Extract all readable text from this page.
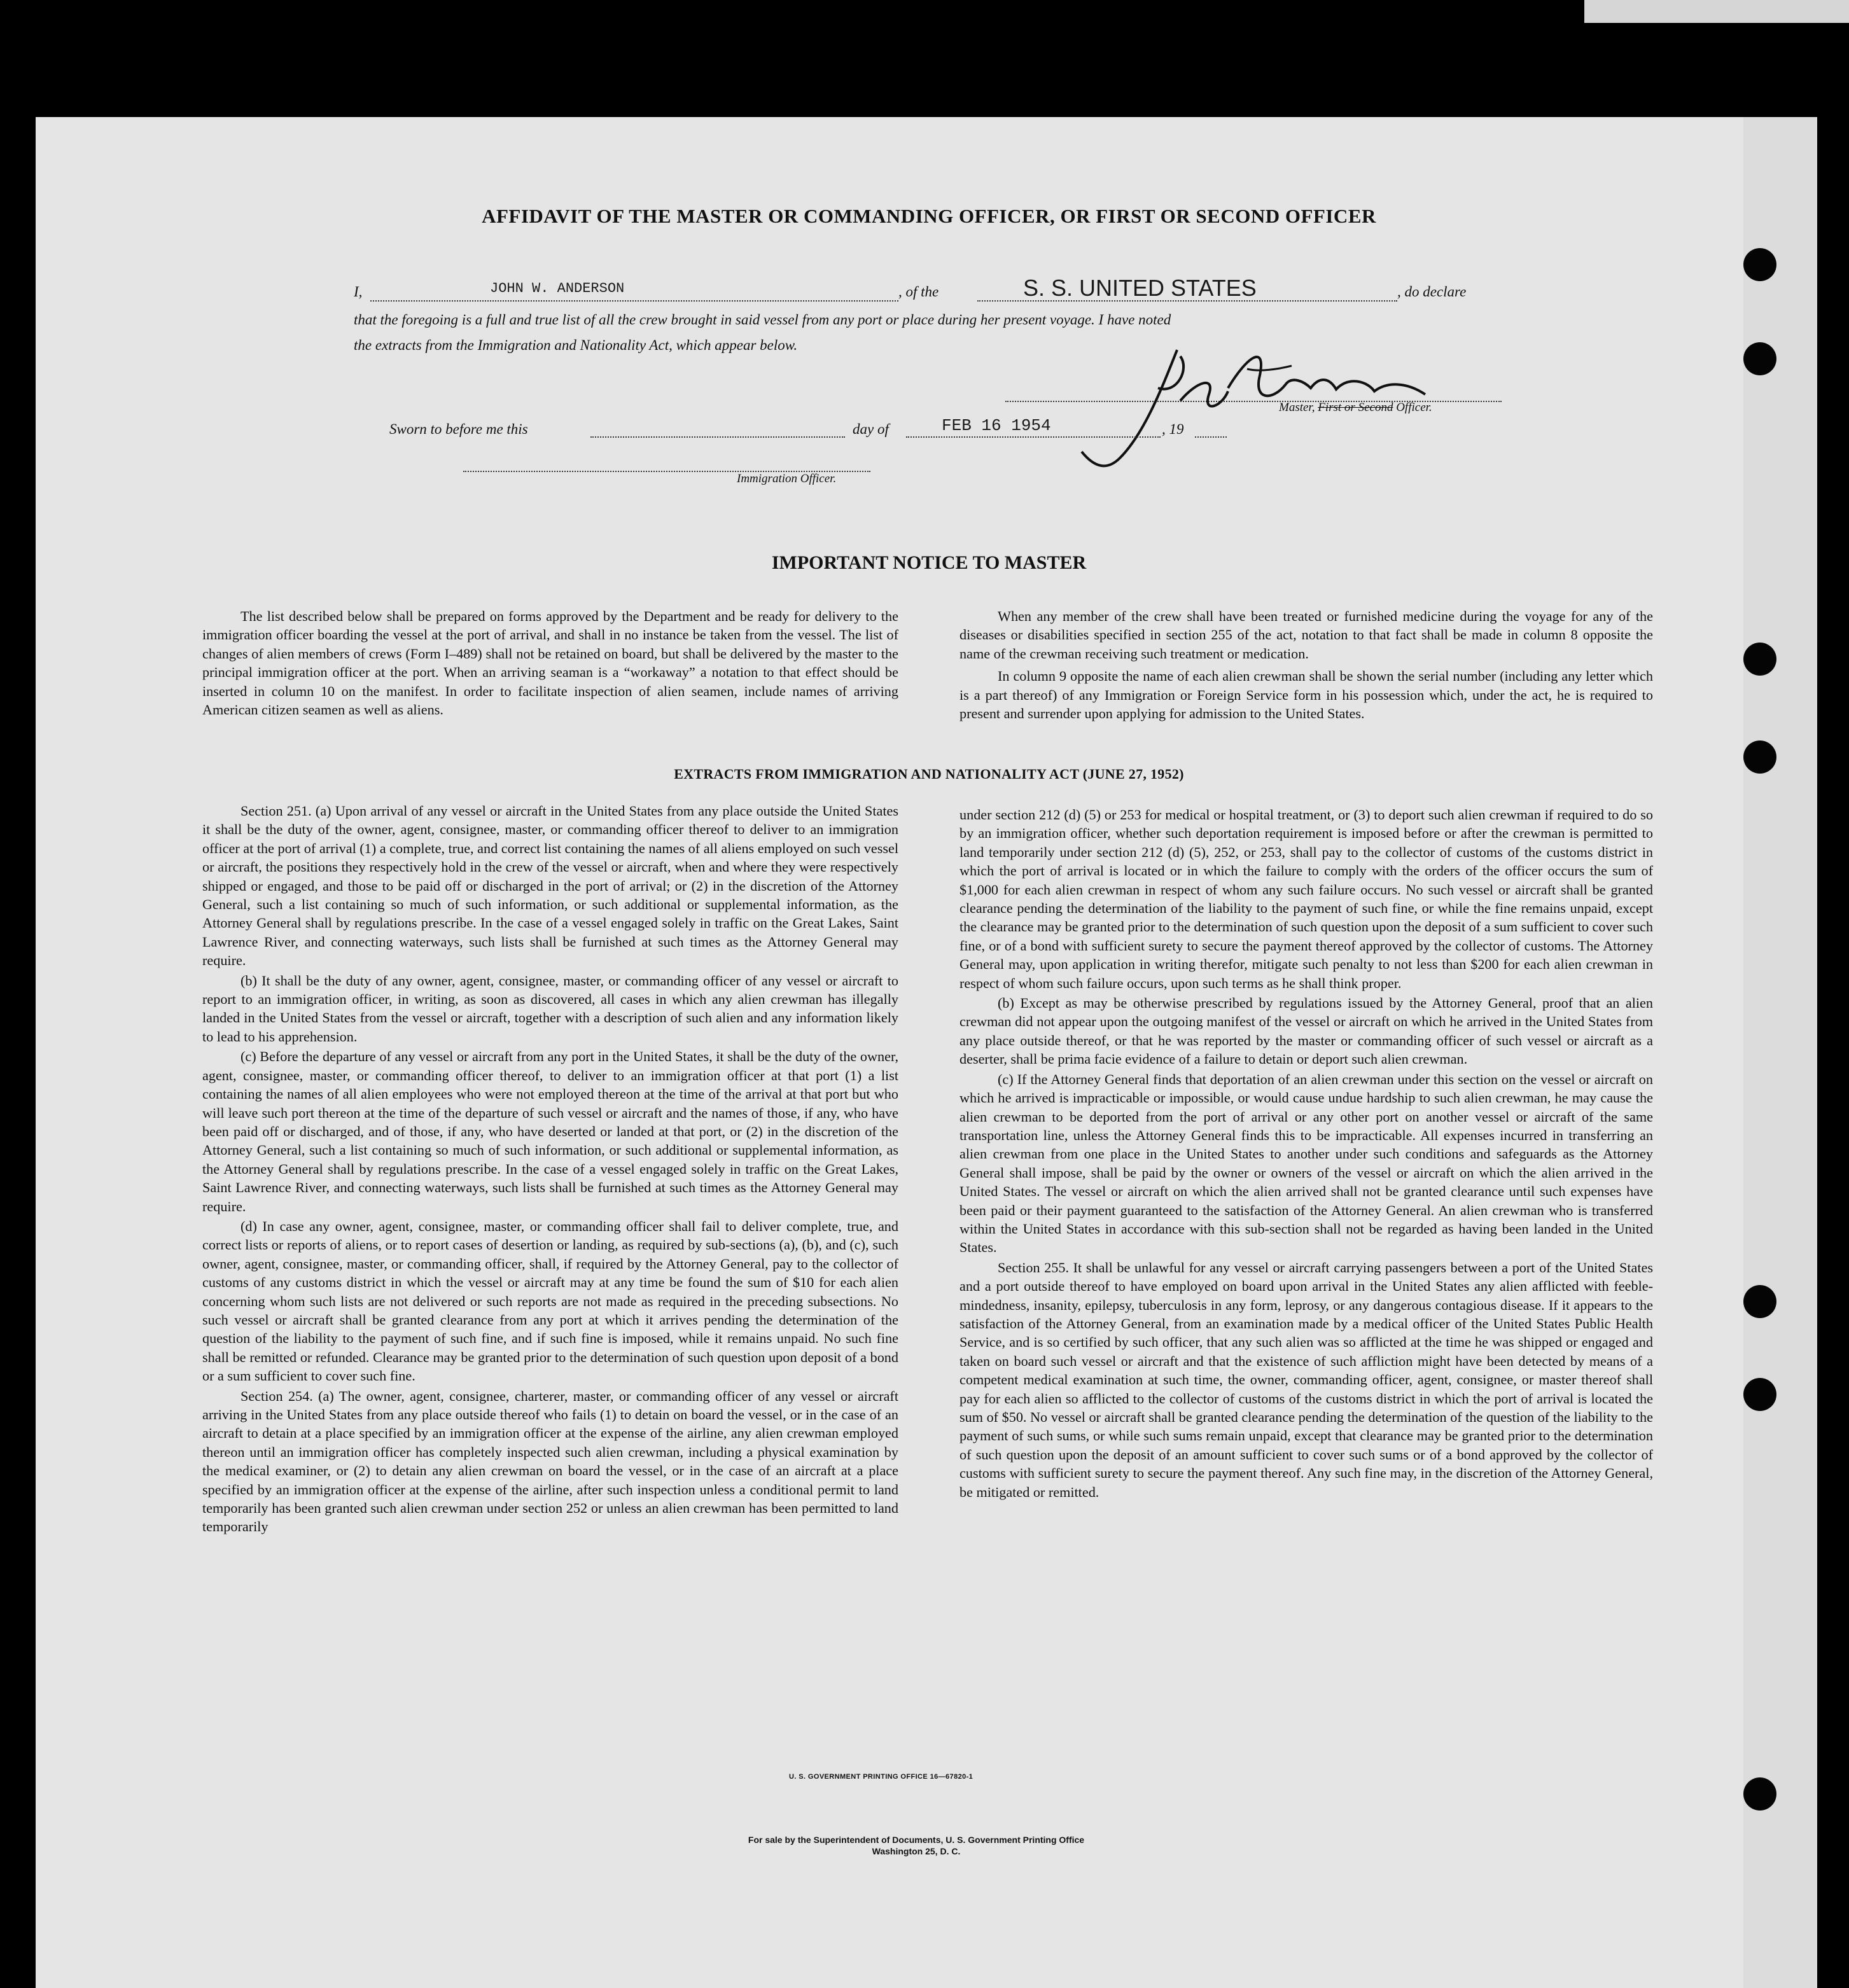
AFFIDAVIT OF THE MASTER OR COMMANDING OFFICER, OR FIRST OR SECOND OFFICER
I,	JOHN W. ANDERSON	, of the	S. S. UNITED STATES	, do declare
that the foregoing is a full and true list of all the crew brought in said vessel from any port or place during her present voyage. I have noted
the extracts from the Immigration and Nationality Act, which appear below.
Master, First or Second Officer.
Sworn to before me this	day of	FEB 16 1954	, 19
Immigration Officer.
IMPORTANT NOTICE TO MASTER

The list described below shall be prepared on forms approved by the Department and be ready for delivery to the immigration officer boarding the vessel at the port of arrival, and shall in no instance be taken from the vessel. The list of changes of alien members of crews (Form I–489) shall not be retained on board, but shall be delivered by the master to the principal immigration officer at the port. When an arriving seaman is a “workaway” a notation to that effect should be inserted in column 10 on the manifest. In order to facilitate inspection of alien seamen, include names of arriving American citizen seamen as well as aliens.

When any member of the crew shall have been treated or furnished medicine during the voyage for any of the diseases or disabilities specified in section 255 of the act, notation to that fact shall be made in column 8 opposite the name of the crewman receiving such treatment or medication.

In column 9 opposite the name of each alien crewman shall be shown the serial number (including any letter which is a part thereof) of any Immigration or Foreign Service form in his possession which, under the act, he is required to present and surrender upon applying for admission to the United States.

EXTRACTS FROM IMMIGRATION AND NATIONALITY ACT (JUNE 27, 1952)

Section 251. (a) Upon arrival of any vessel or aircraft in the United States from any place outside the United States it shall be the duty of the owner, agent, consignee, master, or commanding officer thereof to deliver to an immigration officer at the port of arrival (1) a complete, true, and correct list containing the names of all aliens employed on such vessel or aircraft, the positions they respectively hold in the crew of the vessel or aircraft, when and where they were respectively shipped or engaged, and those to be paid off or discharged in the port of arrival; or (2) in the discretion of the Attorney General, such a list containing so much of such information, or such additional or supplemental information, as the Attorney General shall by regulations prescribe. In the case of a vessel engaged solely in traffic on the Great Lakes, Saint Lawrence River, and connecting waterways, such lists shall be furnished at such times as the Attorney General may require.

(b) It shall be the duty of any owner, agent, consignee, master, or commanding officer of any vessel or aircraft to report to an immigration officer, in writing, as soon as discovered, all cases in which any alien crewman has illegally landed in the United States from the vessel or aircraft, together with a description of such alien and any information likely to lead to his apprehension.

(c) Before the departure of any vessel or aircraft from any port in the United States, it shall be the duty of the owner, agent, consignee, master, or commanding officer thereof, to deliver to an immigration officer at that port (1) a list containing the names of all alien employees who were not employed thereon at the time of the arrival at that port but who will leave such port thereon at the time of the departure of such vessel or aircraft and the names of those, if any, who have been paid off or discharged, and of those, if any, who have deserted or landed at that port, or (2) in the discretion of the Attorney General, such a list containing so much of such information, or such additional or supplemental information, as the Attorney General shall by regulations prescribe. In the case of a vessel engaged solely in traffic on the Great Lakes, Saint Lawrence River, and connecting waterways, such lists shall be furnished at such times as the Attorney General may require.

(d) In case any owner, agent, consignee, master, or commanding officer shall fail to deliver complete, true, and correct lists or reports of aliens, or to report cases of desertion or landing, as required by sub-sections (a), (b), and (c), such owner, agent, consignee, master, or commanding officer, shall, if required by the Attorney General, pay to the collector of customs of any customs district in which the vessel or aircraft may at any time be found the sum of $10 for each alien concerning whom such lists are not delivered or such reports are not made as required in the preceding subsections. No such vessel or aircraft shall be granted clearance from any port at which it arrives pending the determination of the question of the liability to the payment of such fine, and if such fine is imposed, while it remains unpaid. No such fine shall be remitted or refunded. Clearance may be granted prior to the determination of such question upon deposit of a bond or a sum sufficient to cover such fine.

Section 254. (a) The owner, agent, consignee, charterer, master, or commanding officer of any vessel or aircraft arriving in the United States from any place outside thereof who fails (1) to detain on board the vessel, or in the case of an aircraft to detain at a place specified by an immigration officer at the expense of the airline, any alien crewman employed thereon until an immigration officer has completely inspected such alien crewman, including a physical examination by the medical examiner, or (2) to detain any alien crewman on board the vessel, or in the case of an aircraft at a place specified by an immigration officer at the expense of the airline, after such inspection unless a conditional permit to land temporarily has been granted such alien crewman under section 252 or unless an alien crewman has been permitted to land temporarily

under section 212 (d) (5) or 253 for medical or hospital treatment, or (3) to deport such alien crewman if required to do so by an immigration officer, whether such deportation requirement is imposed before or after the crewman is permitted to land temporarily under section 212 (d) (5), 252, or 253, shall pay to the collector of customs of the customs district in which the port of arrival is located or in which the failure to comply with the orders of the officer occurs the sum of $1,000 for each alien crewman in respect of whom any such failure occurs. No such vessel or aircraft shall be granted clearance pending the determination of the liability to the payment of such fine, or while the fine remains unpaid, except the clearance may be granted prior to the determination of such question upon the deposit of a sum sufficient to cover such fine, or of a bond with sufficient surety to secure the payment thereof approved by the collector of customs. The Attorney General may, upon application in writing therefor, mitigate such penalty to not less than $200 for each alien crewman in respect of whom such failure occurs, upon such terms as he shall think proper.

(b) Except as may be otherwise prescribed by regulations issued by the Attorney General, proof that an alien crewman did not appear upon the outgoing manifest of the vessel or aircraft on which he arrived in the United States from any place outside thereof, or that he was reported by the master or commanding officer of such vessel or aircraft as a deserter, shall be prima facie evidence of a failure to detain or deport such alien crewman.

(c) If the Attorney General finds that deportation of an alien crewman under this section on the vessel or aircraft on which he arrived is impracticable or impossible, or would cause undue hardship to such alien crewman, he may cause the alien crewman to be deported from the port of arrival or any other port on another vessel or aircraft of the same transportation line, unless the Attorney General finds this to be impracticable. All expenses incurred in transferring an alien crewman from one place in the United States to another under such conditions and safeguards as the Attorney General shall impose, shall be paid by the owner or owners of the vessel or aircraft on which the alien arrived in the United States. The vessel or aircraft on which the alien arrived shall not be granted clearance until such expenses have been paid or their payment guaranteed to the satisfaction of the Attorney General. An alien crewman who is transferred within the United States in accordance with this sub-section shall not be regarded as having been landed in the United States.

Section 255. It shall be unlawful for any vessel or aircraft carrying passengers between a port of the United States and a port outside thereof to have employed on board upon arrival in the United States any alien afflicted with feeble-mindedness, insanity, epilepsy, tuberculosis in any form, leprosy, or any dangerous contagious disease. If it appears to the satisfaction of the Attorney General, from an examination made by a medical officer of the United States Public Health Service, and is so certified by such officer, that any such alien was so afflicted at the time he was shipped or engaged and taken on board such vessel or aircraft and that the existence of such affliction might have been detected by means of a competent medical examination at such time, the owner, commanding officer, agent, consignee, or master thereof shall pay for each alien so afflicted to the collector of customs of the customs district in which the port of arrival is located the sum of $50. No vessel or aircraft shall be granted clearance pending the determination of the question of the liability to the payment of such sums, or while such sums remain unpaid, except that clearance may be granted prior to the determination of such question upon the deposit of an amount sufficient to cover such sums or of a bond approved by the collector of customs with sufficient surety to secure the payment thereof. Any such fine may, in the discretion of the Attorney General, be mitigated or remitted.

U. S. GOVERNMENT PRINTING OFFICE 16—67820-1
For sale by the Superintendent of Documents, U. S. Government Printing Office
Washington 25, D. C.
